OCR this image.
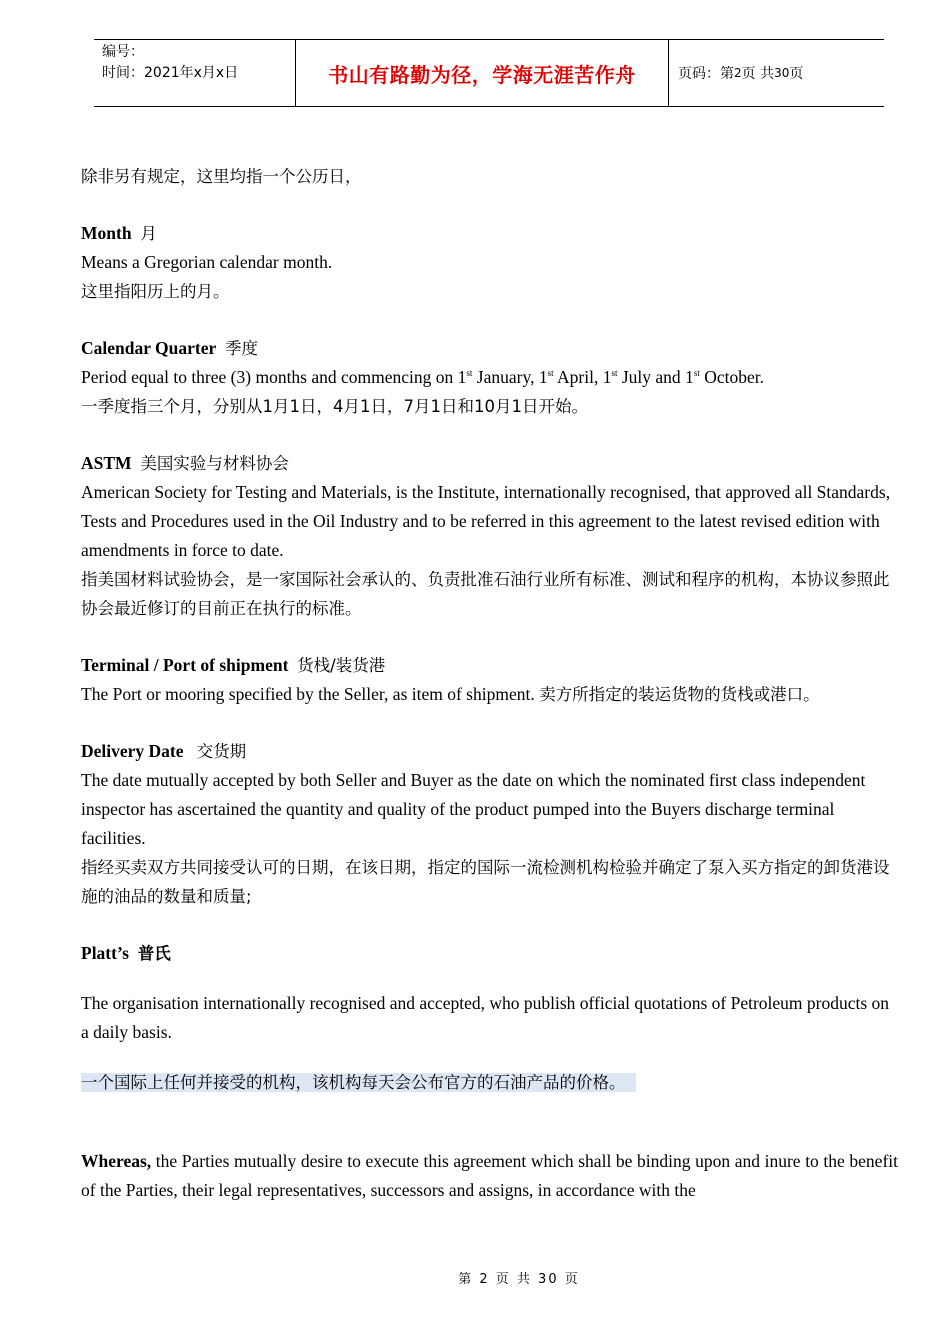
编号：
时间：2021年x月x日	书山有路勤为径，学海无涯苦作舟	页码：第 2 页 共 30 页

除非另有规定，这里均指一个公历日，

Month 月

Means a Gregorian calendar month.

这里指阳历上的月。

Calendar Quarter 季度

Period equal to three (3) months and commencing on 1st January, 1st April, 1st July and 1st October.

一季度指三个月，分别从1月1日，4月1日，7月1日和10月1日开始。

ASTM 美国实验与材料协会

American Society for Testing and Materials, is the Institute, internationally recognised, that approved all Standards, Tests and Procedures used in the Oil Industry and to be referred in this agreement to the latest revised edition with amendments in force to date.

指美国材料试验协会，是一家国际社会承认的、负责批准石油行业所有标准、测试和程序的机构，本协议参照此协会最近修订的目前正在执行的标准。

Terminal / Port of shipment 货栈/装货港

The Port or mooring specified by the Seller, as item of shipment. 卖方所指定的装运货物的货栈或港口。

Delivery Date 交货期

The date mutually accepted by both Seller and Buyer as the date on which the nominated first class independent inspector has ascertained the quantity and quality of the product pumped into the Buyers discharge terminal facilities.

指经买卖双方共同接受认可的日期，在该日期，指定的国际一流检测机构检验并确定了泵入买方指定的卸货港设施的油品的数量和质量;

Platt’s 普氏

The organisation internationally recognised and accepted, who publish official quotations of Petroleum products on a daily basis.

一个国际上任何并接受的机构，该机构每天会公布官方的石油产品的价格。

Whereas, the Parties mutually desire to execute this agreement which shall be binding upon and inure to the benefit of the Parties, their legal representatives, successors and assigns, in accordance with the

第 2 页 共 30 页
